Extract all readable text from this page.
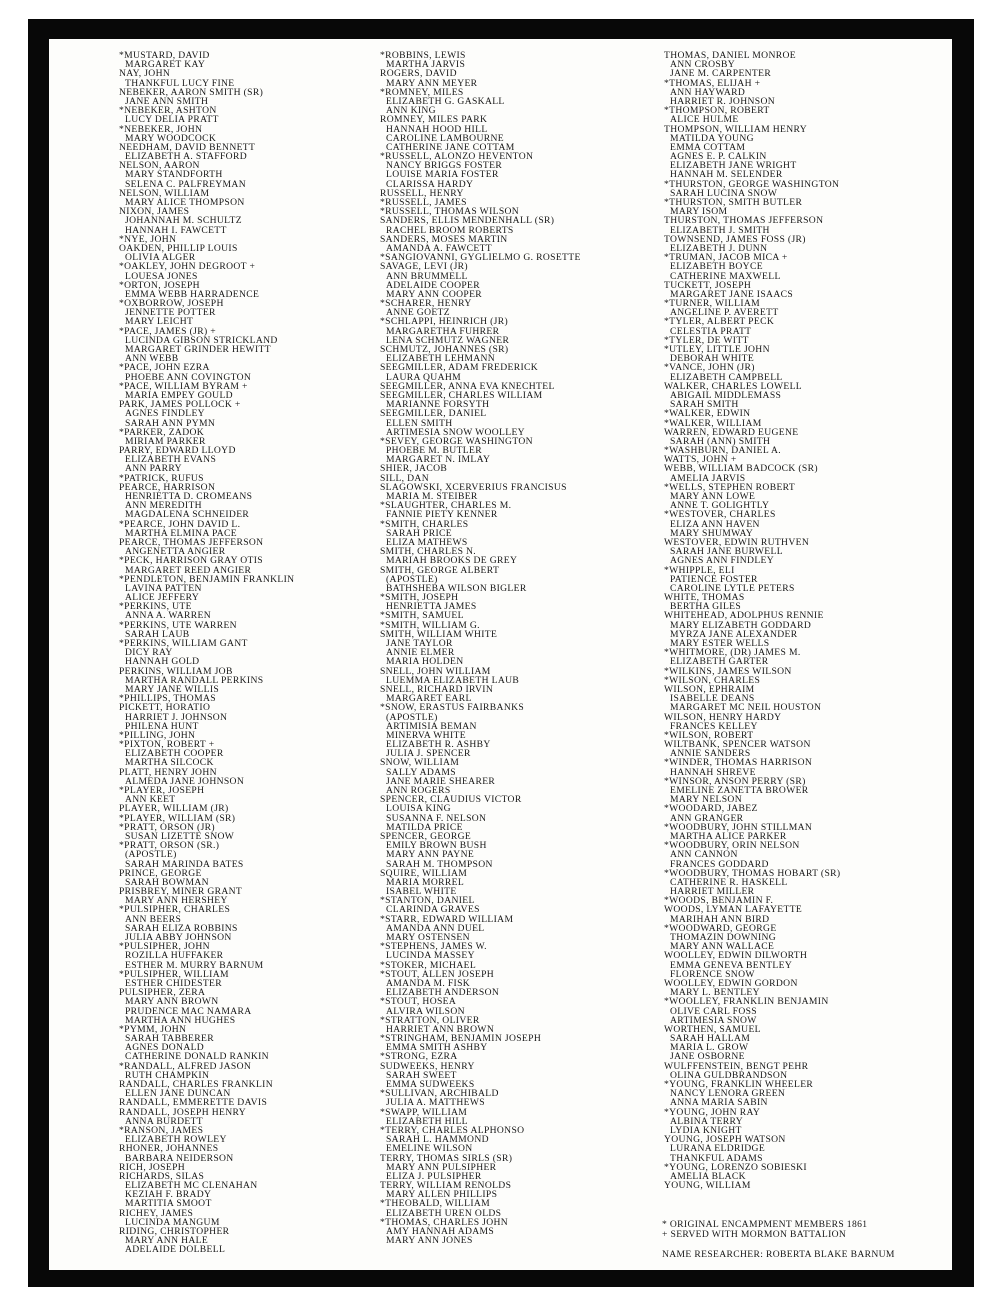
*MUSTARD, DAVID
MARGARET KAY
NAY, JOHN
THANKFUL LUCY FINE
NEBEKER, AARON SMITH (SR)
JANE ANN SMITH
*NEBEKER, ASHTON
LUCY DELIA PRATT
*NEBEKER, JOHN
MARY WOODCOCK
NEEDHAM, DAVID BENNETT
ELIZABETH A. STAFFORD
NELSON, AARON
MARY STANDFORTH
SELENA C. PALFREYMAN
NELSON, WILLIAM
MARY ALICE THOMPSON
NIXON, JAMES
JOHANNAH M. SCHULTZ
HANNAH I. FAWCETT
*NYE, JOHN
OAKDEN, PHILLIP LOUIS
OLIVIA ALGER
*OAKLEY, JOHN DEGROOT +
LOUESA JONES
*ORTON, JOSEPH
EMMA WEBB HARRADENCE
*OXBORROW, JOSEPH
JENNETTE POTTER
MARY LEICHT
*PACE, JAMES (JR) +
LUCINDA GIBSON STRICKLAND
MARGARET GRINDER HEWITT
ANN WEBB
*PACE, JOHN EZRA
PHOEBE ANN COVINGTON
*PACE, WILLIAM BYRAM +
MARIA EMPEY GOULD
PARK, JAMES POLLOCK +
AGNES FINDLEY
SARAH ANN PYMN
*PARKER, ZADOK
MIRIAM PARKER
PARRY, EDWARD LLOYD
ELIZABETH EVANS
ANN PARRY
*PATRICK, RUFUS
PEARCE, HARRISON
HENRIETTA D. CROMEANS
ANN MEREDITH
MAGDALENA SCHNEIDER
*PEARCE, JOHN DAVID L.
MARTHA ELMINA PACE
PEARCE, THOMAS JEFFERSON
ANGENETTA ANGIER
*PECK, HARRISON GRAY OTIS
MARGARET REED ANGIER
*PENDLETON, BENJAMIN FRANKLIN
LAVINA PATTEN
ALICE JEFFERY
*PERKINS, UTE
ANNA A. WARREN
*PERKINS, UTE WARREN
SARAH LAUB
*PERKINS, WILLIAM GANT
DICY RAY
HANNAH GOLD
PERKINS, WILLIAM JOB
MARTHA RANDALL PERKINS
MARY JANE WILLIS
*PHILLIPS, THOMAS
PICKETT, HORATIO
HARRIET J. JOHNSON
PHILENA HUNT
*PILLING, JOHN
*PIXTON, ROBERT +
ELIZABETH COOPER
MARTHA SILCOCK
PLATT, HENRY JOHN
ALMEDA JANE JOHNSON
*PLAYER, JOSEPH
ANN KEET
PLAYER, WILLIAM (JR)
*PLAYER, WILLIAM (SR)
*PRATT, ORSON (JR)
SUSAN LIZETTE SNOW
*PRATT, ORSON (SR.)
(APOSTLE)
SARAH MARINDA BATES
PRINCE, GEORGE
SARAH BOWMAN
PRISBREY, MINER GRANT
MARY ANN HERSHEY
*PULSIPHER, CHARLES
ANN BEERS
SARAH ELIZA ROBBINS
JULIA ABBY JOHNSON
*PULSIPHER, JOHN
ROZILLA HUFFAKER
ESTHER M. MURRY BARNUM
*PULSIPHER, WILLIAM
ESTHER CHIDESTER
PULSIPHER, ZERA
MARY ANN BROWN
PRUDENCE MAC NAMARA
MARTHA ANN HUGHES
*PYMM, JOHN
SARAH TABBERER
AGNES DONALD
CATHERINE DONALD RANKIN
*RANDALL, ALFRED JASON
RUTH CHAMPKIN
RANDALL, CHARLES FRANKLIN
ELLEN JANE DUNCAN
RANDALL, EMMERETTE DAVIS
RANDALL, JOSEPH HENRY
ANNA BURDETT
*RANSON, JAMES
ELIZABETH ROWLEY
RHONER, JOHANNES
BARBARA NEIDERSON
RICH, JOSEPH
RICHARDS, SILAS
ELIZABETH MC CLENAHAN
KEZIAH F. BRADY
MARTITIA SMOOT
RICHEY, JAMES
LUCINDA MANGUM
RIDING, CHRISTOPHER
MARY ANN HALE
ADELAIDE DOLBELL
*ROBBINS, LEWIS
MARTHA JARVIS
ROGERS, DAVID
MARY ANN MEYER
*ROMNEY, MILES
ELIZABETH G. GASKALL
ANN KING
ROMNEY, MILES PARK
HANNAH HOOD HILL
CAROLINE LAMBOURNE
CATHERINE JANE COTTAM
*RUSSELL, ALONZO HEVENTON
NANCY BRIGGS FOSTER
LOUISE MARIA FOSTER
CLARISSA HARDY
RUSSELL, HENRY
*RUSSELL, JAMES
*RUSSELL, THOMAS WILSON
SANDERS, ELLIS MENDENHALL (SR)
RACHEL BROOM ROBERTS
SANDERS, MOSES MARTIN
AMANDA A. FAWCETT
*SANGIOVANNI, GYGLIELMO G. ROSETTE
SAVAGE, LEVI (JR)
ANN BRUMMELL
ADELAIDE COOPER
MARY ANN COOPER
*SCHARER, HENRY
ANNE GOETZ
*SCHLAPPI, HEINRICH (JR)
MARGARETHA FUHRER
LENA SCHMUTZ WAGNER
SCHMUTZ, JOHANNES (SR)
ELIZABETH LEHMANN
SEEGMILLER, ADAM FREDERICK
LAURA QUAHM
SEEGMILLER, ANNA EVA KNECHTEL
SEEGMILLER, CHARLES WILLIAM
MARIANNE FORSYTH
SEEGMILLER, DANIEL
ELLEN SMITH
ARTIMESIA SNOW WOOLLEY
*SEVEY, GEORGE WASHINGTON
PHOEBE M. BUTLER
MARGARET N. IMLAY
SHIER, JACOB
SILL, DAN
SLAGOWSKI, XCERVERIUS FRANCISUS
MARIA M. STEIBER
*SLAUGHTER, CHARLES M.
FANNIE PIETY KENNER
*SMITH, CHARLES
SARAH PRICE
ELIZA MATHEWS
SMITH, CHARLES N.
MARIAH BROOKS DE GREY
SMITH, GEORGE ALBERT
(APOSTLE)
BATHSHEBA WILSON BIGLER
*SMITH, JOSEPH
HENRIETTA JAMES
*SMITH, SAMUEL
*SMITH, WILLIAM G.
SMITH, WILLIAM WHITE
JANE TAYLOR
ANNIE ELMER
MARIA HOLDEN
SNELL, JOHN WILLIAM
LUEMMA ELIZABETH LAUB
SNELL, RICHARD IRVIN
MARGARET EARL
*SNOW, ERASTUS FAIRBANKS
(APOSTLE)
ARTIMISIA BEMAN
MINERVA WHITE
ELIZABETH R. ASHBY
JULIA J. SPENCER
SNOW, WILLIAM
SALLY ADAMS
JANE MARIE SHEARER
ANN ROGERS
SPENCER, CLAUDIUS VICTOR
LOUISA KING
SUSANNA F. NELSON
MATILDA PRICE
SPENCER, GEORGE
EMILY BROWN BUSH
MARY ANN PAYNE
SARAH M. THOMPSON
SQUIRE, WILLIAM
MARIA MORREL
ISABEL WHITE
*STANTON, DANIEL
CLARINDA GRAVES
*STARR, EDWARD WILLIAM
AMANDA ANN DUEL
MARY OSTENSEN
*STEPHENS, JAMES W.
LUCINDA MASSEY
*STOKER, MICHAEL
*STOUT, ALLEN JOSEPH
AMANDA M. FISK
ELIZABETH ANDERSON
*STOUT, HOSEA
ALVIRA WILSON
*STRATTON, OLIVER
HARRIET ANN BROWN
*STRINGHAM, BENJAMIN JOSEPH
EMMA SMITH ASHBY
*STRONG, EZRA
SUDWEEKS, HENRY
SARAH SWEET
EMMA SUDWEEKS
*SULLIVAN, ARCHIBALD
JULIA A. MATTHEWS
*SWAPP, WILLIAM
ELIZABETH HILL
*TERRY, CHARLES ALPHONSO
SARAH L. HAMMOND
EMELINE WILSON
TERRY, THOMAS SIRLS (SR)
MARY ANN PULSIPHER
ELIZA J. PULSIPHER
TERRY, WILLIAM RENOLDS
MARY ALLEN PHILLIPS
*THEOBALD, WILLIAM
ELIZABETH UREN OLDS
*THOMAS, CHARLES JOHN
AMY HANNAH ADAMS
MARY ANN JONES
THOMAS, DANIEL MONROE
ANN CROSBY
JANE M. CARPENTER
*THOMAS, ELIJAH +
ANN HAYWARD
HARRIET R. JOHNSON
*THOMPSON, ROBERT
ALICE HULME
THOMPSON, WILLIAM HENRY
MATILDA YOUNG
EMMA COTTAM
AGNES E. P. CALKIN
ELIZABETH JANE WRIGHT
HANNAH M. SELENDER
*THURSTON, GEORGE WASHINGTON
SARAH LUCINA SNOW
*THURSTON, SMITH BUTLER
MARY ISOM
THURSTON, THOMAS JEFFERSON
ELIZABETH J. SMITH
TOWNSEND, JAMES FOSS (JR)
ELIZABETH J. DUNN
*TRUMAN, JACOB MICA +
ELIZABETH BOYCE
CATHERINE MAXWELL
TUCKETT, JOSEPH
MARGARET JANE ISAACS
*TURNER, WILLIAM
ANGELINE P. AVERETT
*TYLER, ALBERT PECK
CELESTIA PRATT
*TYLER, DE WITT
*UTLEY, LITTLE JOHN
DEBORAH WHITE
*VANCE, JOHN (JR)
ELIZABETH CAMPBELL
WALKER, CHARLES LOWELL
ABIGAIL MIDDLEMASS
SARAH SMITH
*WALKER, EDWIN
*WALKER, WILLIAM
WARREN, EDWARD EUGENE
SARAH (ANN) SMITH
*WASHBURN, DANIEL A.
WATTS, JOHN +
WEBB, WILLIAM BADCOCK (SR)
AMELIA JARVIS
*WELLS, STEPHEN ROBERT
MARY ANN LOWE
ANNE T. GOLIGHTLY
*WESTOVER, CHARLES
ELIZA ANN HAVEN
MARY SHUMWAY
WESTOVER, EDWIN RUTHVEN
SARAH JANE BURWELL
AGNES ANN FINDLEY
*WHIPPLE, ELI
PATIENCE FOSTER
CAROLINE LYTLE PETERS
WHITE, THOMAS
BERTHA GILES
WHITEHEAD, ADOLPHUS RENNIE
MARY ELIZABETH GODDARD
MYRZA JANE ALEXANDER
MARY ESTER WELLS
*WHITMORE, (DR) JAMES M.
ELIZABETH GARTER
*WILKINS, JAMES WILSON
*WILSON, CHARLES
WILSON, EPHRAIM
ISABELLE DEANS
MARGARET MC NEIL HOUSTON
WILSON, HENRY HARDY
FRANCES KELLEY
*WILSON, ROBERT
WILTBANK, SPENCER WATSON
ANNIE SANDERS
*WINDER, THOMAS HARRISON
HANNAH SHREVE
*WINSOR, ANSON PERRY (SR)
EMELINE ZANETTA BROWER
MARY NELSON
*WOODARD, JABEZ
ANN GRANGER
*WOODBURY, JOHN STILLMAN
MARTHA ALICE PARKER
*WOODBURY, ORIN NELSON
ANN CANNON
FRANCES GODDARD
*WOODBURY, THOMAS HOBART (SR)
CATHERINE R. HASKELL
HARRIET MILLER
*WOODS, BENJAMIN F.
WOODS, LYMAN LAFAYETTE
MARIHAH ANN BIRD
*WOODWARD, GEORGE
THOMAZIN DOWNING
MARY ANN WALLACE
WOOLLEY, EDWIN DILWORTH
EMMA GENEVA BENTLEY
FLORENCE SNOW
WOOLLEY, EDWIN GORDON
MARY L. BENTLEY
*WOOLLEY, FRANKLIN BENJAMIN
OLIVE CARL FOSS
ARTIMESIA SNOW
WORTHEN, SAMUEL
SARAH HALLAM
MARIA L. GROW
JANE OSBORNE
WULFFENSTEIN, BENGT PEHR
OLINA GULDBRANDSON
*YOUNG, FRANKLIN WHEELER
NANCY LENORA GREEN
ANNA MARIA SABIN
*YOUNG, JOHN RAY
ALBINA TERRY
LYDIA KNIGHT
YOUNG, JOSEPH WATSON
LURANA ELDRIDGE
THANKFUL ADAMS
*YOUNG, LORENZO SOBIESKI
AMELIA BLACK
YOUNG, WILLIAM
* ORIGINAL ENCAMPMENT MEMBERS 1861
+ SERVED WITH MORMON BATTALION
NAME RESEARCHER: ROBERTA BLAKE BARNUM
